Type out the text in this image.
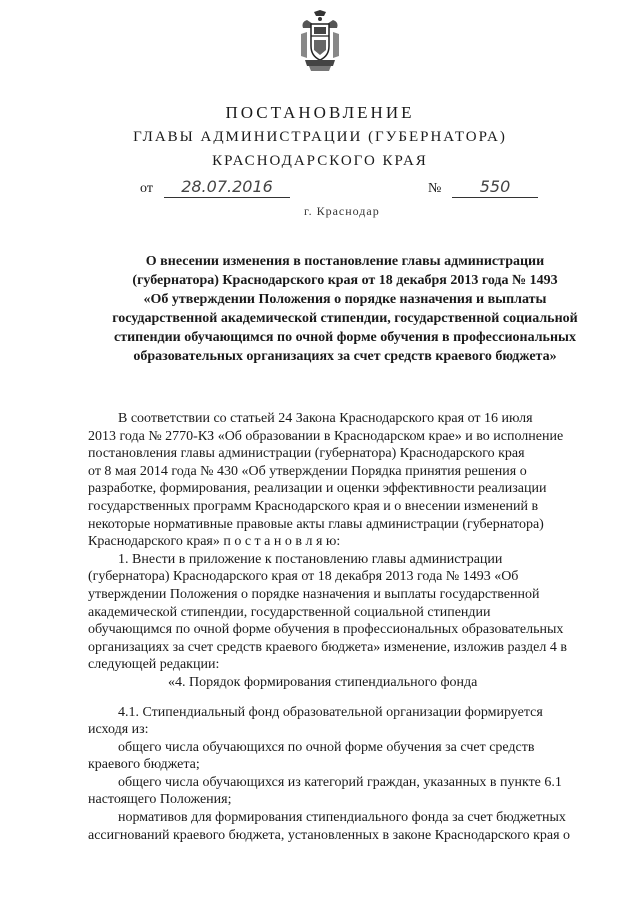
ПОСТАНОВЛЕНИЕ
ГЛАВЫ АДМИНИСТРАЦИИ (ГУБЕРНАТОРА)
КРАСНОДАРСКОГО КРАЯ
от	28.07.2016	№	550
г. Краснодар
О внесении изменения в постановление главы администрации
(губернатора) Краснодарского края от 18 декабря 2013 года № 1493
«Об утверждении Положения о порядке назначения и выплаты
государственной академической стипендии, государственной социальной
стипендии обучающимся по очной форме обучения в профессиональных
образовательных организациях за счет средств краевого бюджета»
В соответствии со статьей 24 Закона Краснодарского края от 16 июля
2013 года № 2770-КЗ «Об образовании в Краснодарском крае» и во исполнение
постановления главы администрации (губернатора) Краснодарского края
от 8 мая 2014 года № 430 «Об утверждении Порядка принятия решения о
разработке, формирования, реализации и оценки эффективности реализации
государственных программ Краснодарского края и о внесении изменений в
некоторые нормативные правовые акты главы администрации (губернатора)
Краснодарского края» п о с т а н о в л я ю:
1. Внести в приложение к постановлению главы администрации
(губернатора) Краснодарского края от 18 декабря 2013 года № 1493 «Об
утверждении Положения о порядке назначения и выплаты государственной
академической стипендии, государственной социальной стипендии
обучающимся по очной форме обучения в профессиональных образовательных
организациях за счет средств краевого бюджета» изменение, изложив раздел 4 в
следующей редакции:
«4. Порядок формирования стипендиального фонда
4.1. Стипендиальный фонд образовательной организации формируется
исходя из:
общего числа обучающихся по очной форме обучения за счет средств
краевого бюджета;
общего числа обучающихся из категорий граждан, указанных в пункте 6.1
настоящего Положения;
нормативов для формирования стипендиального фонда за счет бюджетных
ассигнований краевого бюджета, установленных в законе Краснодарского края о
